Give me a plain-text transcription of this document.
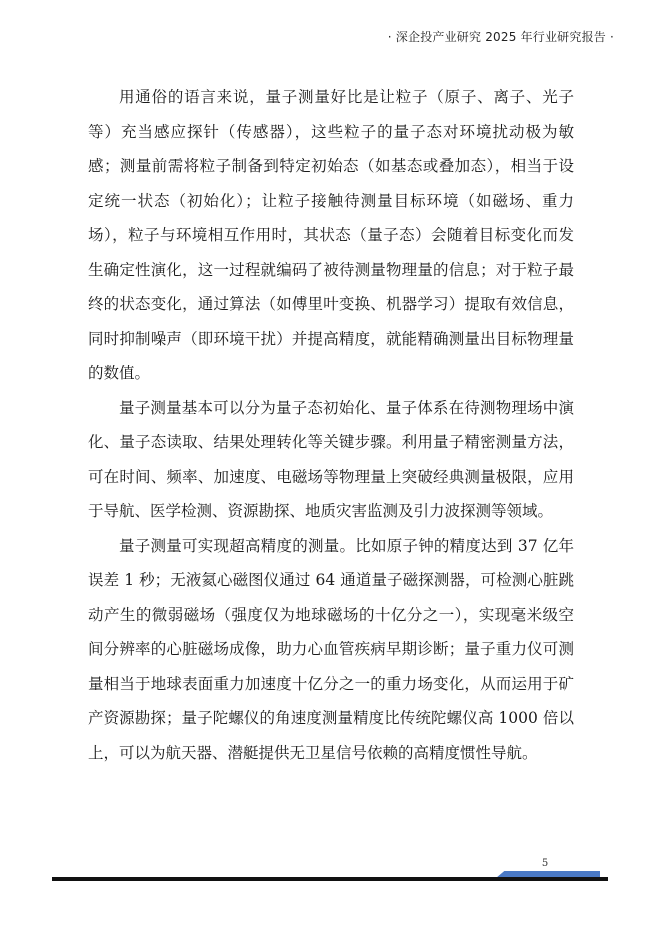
· 深企投产业研究 2025 年行业研究报告 ·

用通俗的语言来说，量子测量好比是让粒子（原子、离子、光子等）充当感应探针（传感器），这些粒子的量子态对环境扰动极为敏感；测量前需将粒子制备到特定初始态（如基态或叠加态），相当于设定统一状态（初始化）；让粒子接触待测量目标环境（如磁场、重力场），粒子与环境相互作用时，其状态（量子态）会随着目标变化而发生确定性演化，这一过程就编码了被待测量物理量的信息；对于粒子最终的状态变化，通过算法（如傅里叶变换、机器学习）提取有效信息，同时抑制噪声（即环境干扰）并提高精度，就能精确测量出目标物理量的数值。

量子测量基本可以分为量子态初始化、量子体系在待测物理场中演化、量子态读取、结果处理转化等关键步骤。利用量子精密测量方法，可在时间、频率、加速度、电磁场等物理量上突破经典测量极限，应用于导航、医学检测、资源勘探、地质灾害监测及引力波探测等领域。

量子测量可实现超高精度的测量。比如原子钟的精度达到 37 亿年误差 1 秒；无液氦心磁图仪通过 64 通道量子磁探测器，可检测心脏跳动产生的微弱磁场（强度仅为地球磁场的十亿分之一），实现毫米级空间分辨率的心脏磁场成像，助力心血管疾病早期诊断；量子重力仪可测量相当于地球表面重力加速度十亿分之一的重力场变化，从而运用于矿产资源勘探；量子陀螺仪的角速度测量精度比传统陀螺仪高 1000 倍以上，可以为航天器、潜艇提供无卫星信号依赖的高精度惯性导航。

5
